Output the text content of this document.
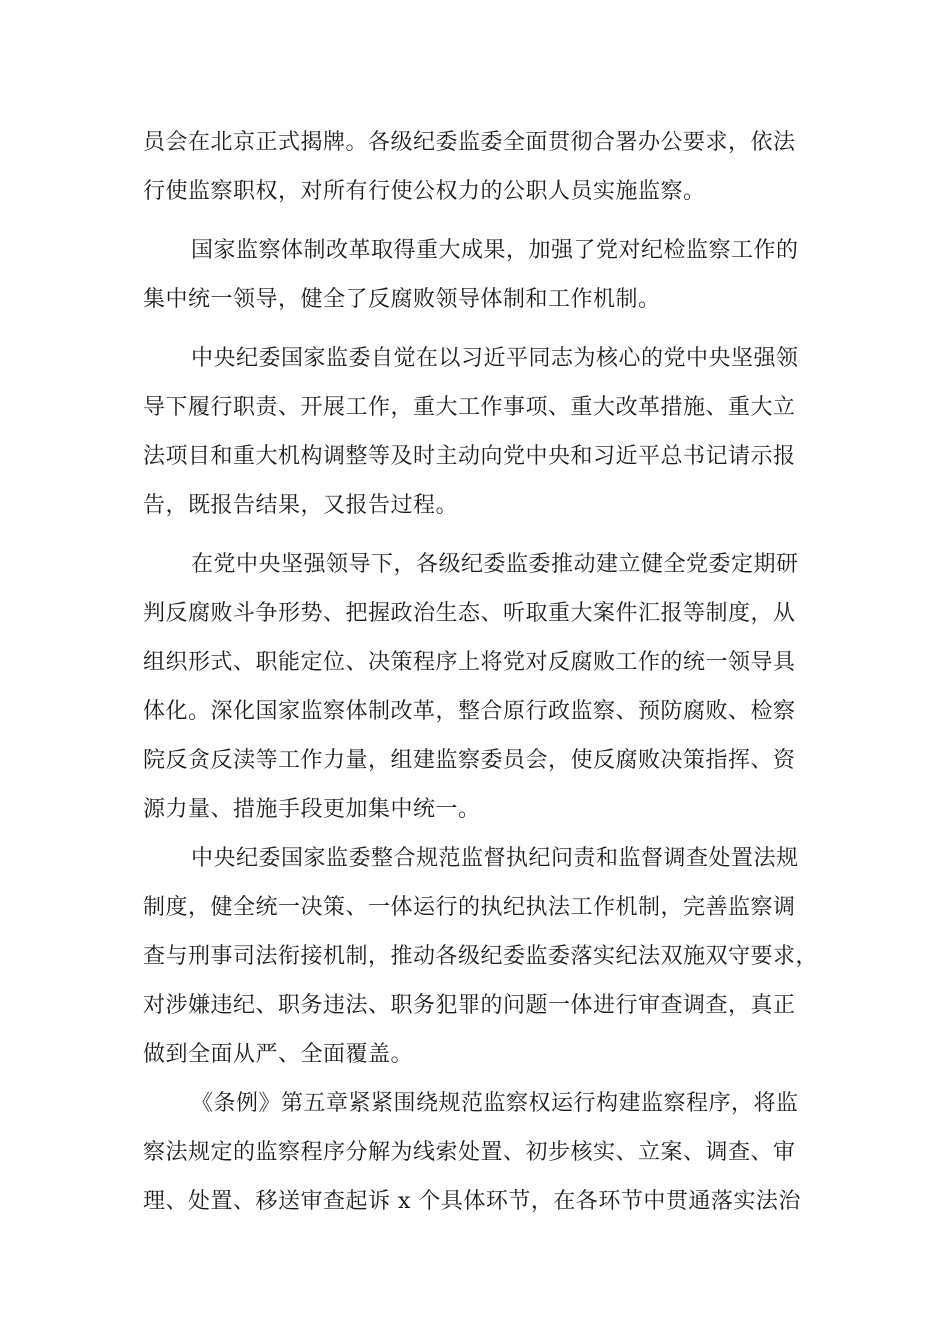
员会在北京正式揭牌。各级纪委监委全面贯彻合署办公要求，依法
行使监察职权，对所有行使公权力的公职人员实施监察。
国家监察体制改革取得重大成果，加强了党对纪检监察工作的
集中统一领导，健全了反腐败领导体制和工作机制。
中央纪委国家监委自觉在以习近平同志为核心的党中央坚强领
导下履行职责、开展工作，重大工作事项、重大改革措施、重大立
法项目和重大机构调整等及时主动向党中央和习近平总书记请示报
告，既报告结果，又报告过程。
在党中央坚强领导下，各级纪委监委推动建立健全党委定期研
判反腐败斗争形势、把握政治生态、听取重大案件汇报等制度，从
组织形式、职能定位、决策程序上将党对反腐败工作的统一领导具
体化。深化国家监察体制改革，整合原行政监察、预防腐败、检察
院反贪反渎等工作力量，组建监察委员会，使反腐败决策指挥、资
源力量、措施手段更加集中统一。
中央纪委国家监委整合规范监督执纪问责和监督调查处置法规
制度，健全统一决策、一体运行的执纪执法工作机制，完善监察调
查与刑事司法衔接机制，推动各级纪委监委落实纪法双施双守要求，
对涉嫌违纪、职务违法、职务犯罪的问题一体进行审查调查，真正
做到全面从严、全面覆盖。
《条例》第五章紧紧围绕规范监察权运行构建监察程序，将监
察法规定的监察程序分解为线索处置、初步核实、立案、调查、审
理、处置、移送审查起诉 x 个具体环节，在各环节中贯通落实法治
